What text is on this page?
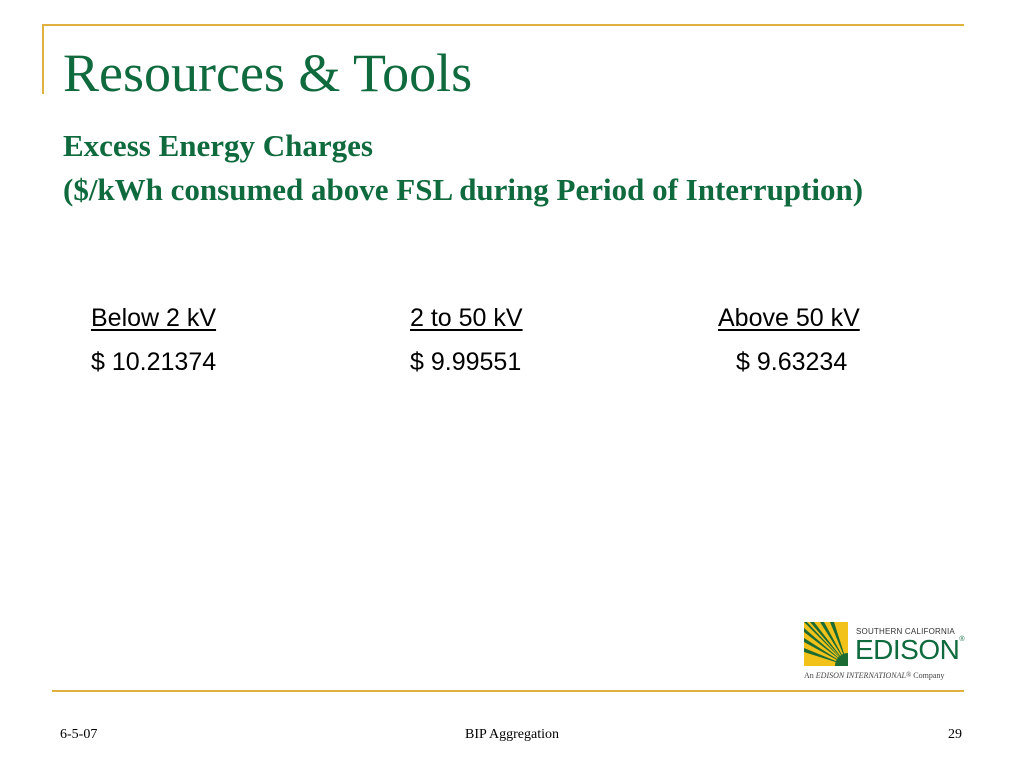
Resources & Tools
Excess Energy Charges
($/kWh consumed above FSL during Period of Interruption)
Below 2 kV
$ 10.21374
2 to 50 kV
$ 9.99551
Above 50 kV
$ 9.63234

SOUTHERN CALIFORNIA

EDISON®

An EDISON INTERNATIONAL® Company

6-5-07	BIP Aggregation	29
